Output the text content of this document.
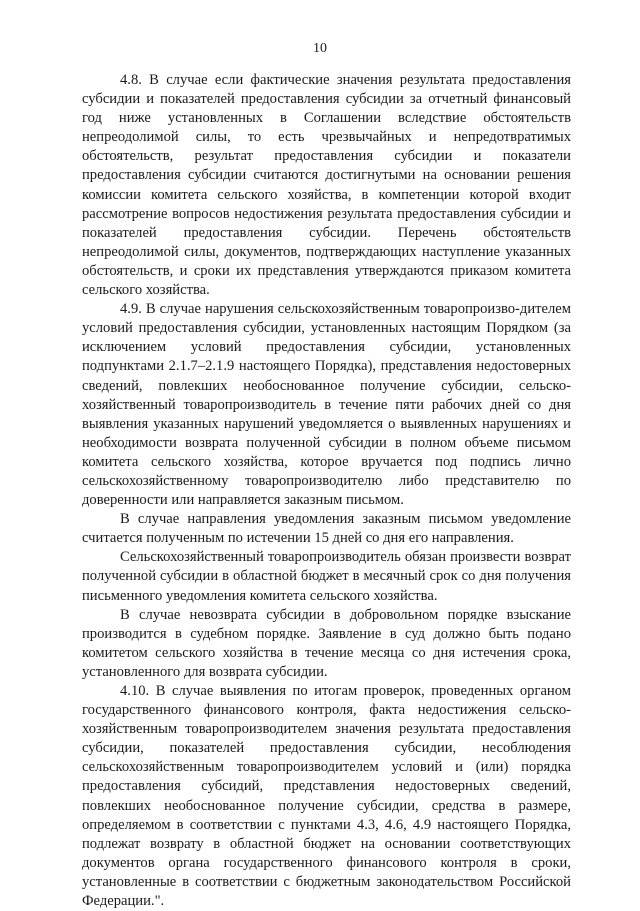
10

4.8. В случае если фактические значения результата предоставления субсидии и показателей предоставления субсидии за отчетный финансовый год ниже установленных в Соглашении вследствие обстоятельств непреодолимой силы, то есть чрезвычайных и непредотвратимых обстоятельств, результат предоставления субсидии и показатели предоставления субсидии считаются достигнутыми на основании решения комиссии комитета сельского хозяйства, в компетенции которой входит рассмотрение вопросов недостижения результата предоставления субсидии и показателей предоставления субсидии. Перечень обстоятельств непреодолимой силы, документов, подтверждающих наступление указанных обстоятельств, и сроки их представления утверждаются приказом комитета сельского хозяйства.

4.9. В случае нарушения сельскохозяйственным товаропроизво-дителем условий предоставления субсидии, установленных настоящим Порядком (за исключением условий предоставления субсидии, установленных подпунктами 2.1.7–2.1.9 настоящего Порядка), представления недостоверных сведений, повлекших необоснованное получение субсидии, сельско-хозяйственный товаропроизводитель в течение пяти рабочих дней со дня выявления указанных нарушений уведомляется о выявленных нарушениях и необходимости возврата полученной субсидии в полном объеме письмом комитета сельского хозяйства, которое вручается под подпись лично сельскохозяйственному товаропроизводителю либо представителю по доверенности или направляется заказным письмом.

В случае направления уведомления заказным письмом уведомление считается полученным по истечении 15 дней со дня его направления.

Сельскохозяйственный товаропроизводитель обязан произвести возврат полученной субсидии в областной бюджет в месячный срок со дня получения письменного уведомления комитета сельского хозяйства.

В случае невозврата субсидии в добровольном порядке взыскание производится в судебном порядке. Заявление в суд должно быть подано комитетом сельского хозяйства в течение месяца со дня истечения срока, установленного для возврата субсидии.

4.10. В случае выявления по итогам проверок, проведенных органом государственного финансового контроля, факта недостижения сельско-хозяйственным товаропроизводителем значения результата предоставления субсидии, показателей предоставления субсидии, несоблюдения сельскохозяйственным товаропроизводителем условий и (или) порядка предоставления субсидий, представления недостоверных сведений, повлекших необоснованное получение субсидии, средства в размере, определяемом в соответствии с пунктами 4.3, 4.6, 4.9 настоящего Порядка, подлежат возврату в областной бюджет на основании соответствующих документов органа государственного финансового контроля в сроки, установленные в соответствии с бюджетным законодательством Российской Федерации.".
